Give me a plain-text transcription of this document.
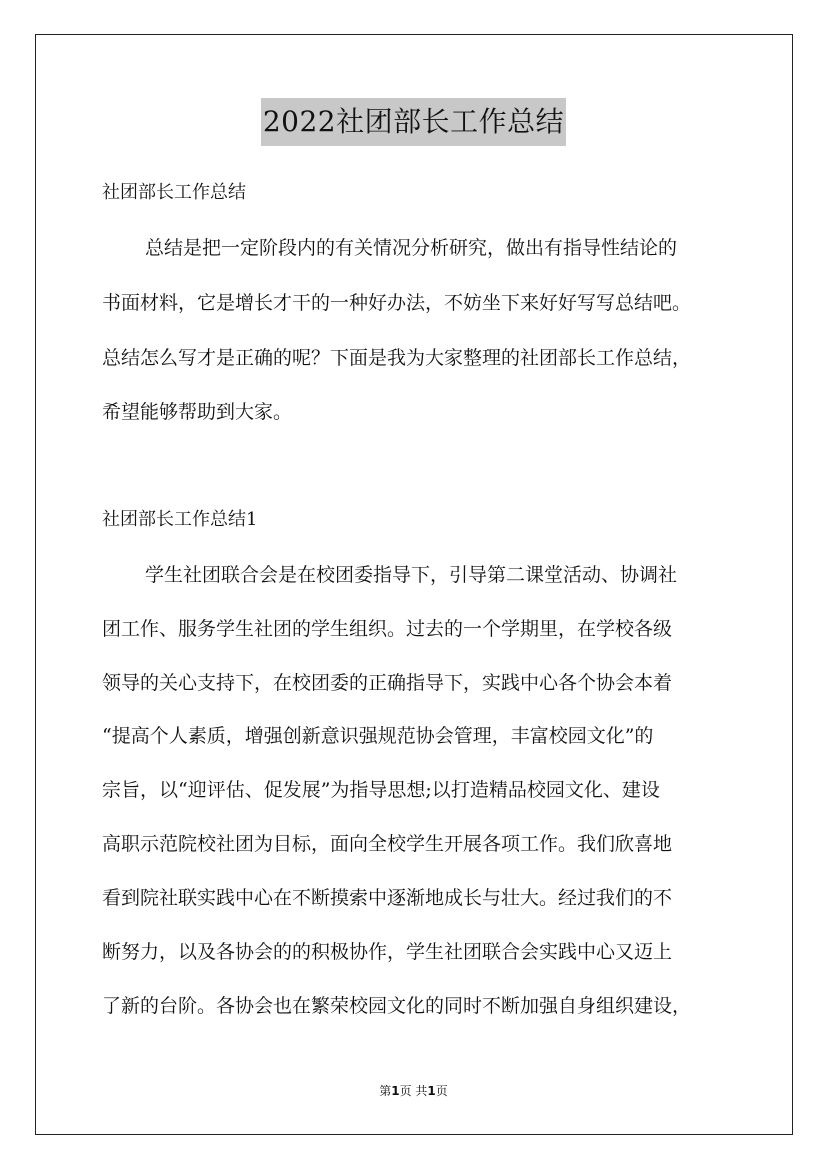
2022社团部长工作总结
社团部长工作总结
总结是把一定阶段内的有关情况分析研究，做出有指导性结论的
书面材料，它是增长才干的一种好办法，不妨坐下来好好写写总结吧。
总结怎么写才是正确的呢？下面是我为大家整理的社团部长工作总结，
希望能够帮助到大家。
社团部长工作总结1
学生社团联合会是在校团委指导下，引导第二课堂活动、协调社
团工作、服务学生社团的学生组织。过去的一个学期里，在学校各级
领导的关心支持下，在校团委的正确指导下，实践中心各个协会本着
“提高个人素质，增强创新意识强规范协会管理，丰富校园文化”的
宗旨，以“迎评估、促发展”为指导思想;以打造精品校园文化、建设
高职示范院校社团为目标，面向全校学生开展各项工作。我们欣喜地
看到院社联实践中心在不断摸索中逐渐地成长与壮大。经过我们的不
断努力，以及各协会的的积极协作，学生社团联合会实践中心又迈上
了新的台阶。各协会也在繁荣校园文化的同时不断加强自身组织建设，
第1页 共1页
